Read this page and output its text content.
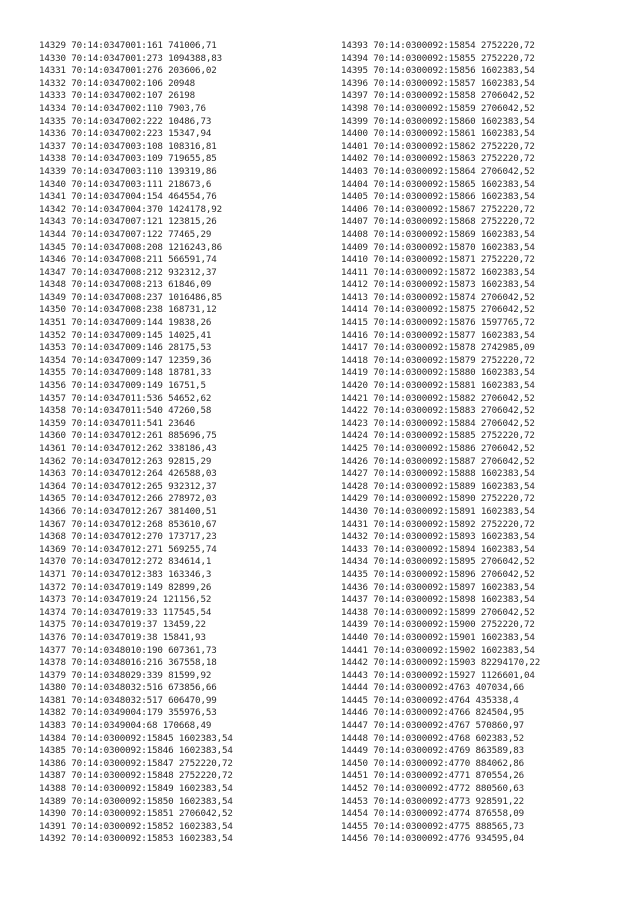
14329 70:14:0347001:161 741006,71
14330 70:14:0347001:273 1094388,83
14331 70:14:0347001:276 203606,02
14332 70:14:0347002:106 20948
14333 70:14:0347002:107 26198
14334 70:14:0347002:110 7903,76
14335 70:14:0347002:222 10486,73
14336 70:14:0347002:223 15347,94
14337 70:14:0347003:108 108316,81
14338 70:14:0347003:109 719655,85
14339 70:14:0347003:110 139319,86
14340 70:14:0347003:111 218673,6
14341 70:14:0347004:154 464554,76
14342 70:14:0347004:370 1424178,92
14343 70:14:0347007:121 123815,26
14344 70:14:0347007:122 77465,29
14345 70:14:0347008:208 1216243,86
14346 70:14:0347008:211 566591,74
14347 70:14:0347008:212 932312,37
14348 70:14:0347008:213 61846,09
14349 70:14:0347008:237 1016486,85
14350 70:14:0347008:238 168731,12
14351 70:14:0347009:144 19838,26
14352 70:14:0347009:145 14025,41
14353 70:14:0347009:146 28175,53
14354 70:14:0347009:147 12359,36
14355 70:14:0347009:148 18781,33
14356 70:14:0347009:149 16751,5
14357 70:14:0347011:536 54652,62
14358 70:14:0347011:540 47260,58
14359 70:14:0347011:541 23646
14360 70:14:0347012:261 885696,75
14361 70:14:0347012:262 338186,43
14362 70:14:0347012:263 92815,29
14363 70:14:0347012:264 426588,03
14364 70:14:0347012:265 932312,37
14365 70:14:0347012:266 278972,03
14366 70:14:0347012:267 381400,51
14367 70:14:0347012:268 853610,67
14368 70:14:0347012:270 173717,23
14369 70:14:0347012:271 569255,74
14370 70:14:0347012:272 834614,1
14371 70:14:0347012:383 163346,3
14372 70:14:0347019:149 82899,26
14373 70:14:0347019:24 121156,52
14374 70:14:0347019:33 117545,54
14375 70:14:0347019:37 13459,22
14376 70:14:0347019:38 15841,93
14377 70:14:0348010:190 607361,73
14378 70:14:0348016:216 367558,18
14379 70:14:0348029:339 81599,92
14380 70:14:0348032:516 673856,66
14381 70:14:0348032:517 606470,99
14382 70:14:0349004:179 355976,53
14383 70:14:0349004:68 170668,49
14384 70:14:0300092:15845 1602383,54
14385 70:14:0300092:15846 1602383,54
14386 70:14:0300092:15847 2752220,72
14387 70:14:0300092:15848 2752220,72
14388 70:14:0300092:15849 1602383,54
14389 70:14:0300092:15850 1602383,54
14390 70:14:0300092:15851 2706042,52
14391 70:14:0300092:15852 1602383,54
14392 70:14:0300092:15853 1602383,54
14393 70:14:0300092:15854 2752220,72
14394 70:14:0300092:15855 2752220,72
14395 70:14:0300092:15856 1602383,54
14396 70:14:0300092:15857 1602383,54
14397 70:14:0300092:15858 2706042,52
14398 70:14:0300092:15859 2706042,52
14399 70:14:0300092:15860 1602383,54
14400 70:14:0300092:15861 1602383,54
14401 70:14:0300092:15862 2752220,72
14402 70:14:0300092:15863 2752220,72
14403 70:14:0300092:15864 2706042,52
14404 70:14:0300092:15865 1602383,54
14405 70:14:0300092:15866 1602383,54
14406 70:14:0300092:15867 2752220,72
14407 70:14:0300092:15868 2752220,72
14408 70:14:0300092:15869 1602383,54
14409 70:14:0300092:15870 1602383,54
14410 70:14:0300092:15871 2752220,72
14411 70:14:0300092:15872 1602383,54
14412 70:14:0300092:15873 1602383,54
14413 70:14:0300092:15874 2706042,52
14414 70:14:0300092:15875 2706042,52
14415 70:14:0300092:15876 1597765,72
14416 70:14:0300092:15877 1602383,54
14417 70:14:0300092:15878 2742985,09
14418 70:14:0300092:15879 2752220,72
14419 70:14:0300092:15880 1602383,54
14420 70:14:0300092:15881 1602383,54
14421 70:14:0300092:15882 2706042,52
14422 70:14:0300092:15883 2706042,52
14423 70:14:0300092:15884 2706042,52
14424 70:14:0300092:15885 2752220,72
14425 70:14:0300092:15886 2706042,52
14426 70:14:0300092:15887 2706042,52
14427 70:14:0300092:15888 1602383,54
14428 70:14:0300092:15889 1602383,54
14429 70:14:0300092:15890 2752220,72
14430 70:14:0300092:15891 1602383,54
14431 70:14:0300092:15892 2752220,72
14432 70:14:0300092:15893 1602383,54
14433 70:14:0300092:15894 1602383,54
14434 70:14:0300092:15895 2706042,52
14435 70:14:0300092:15896 2706042,52
14436 70:14:0300092:15897 1602383,54
14437 70:14:0300092:15898 1602383,54
14438 70:14:0300092:15899 2706042,52
14439 70:14:0300092:15900 2752220,72
14440 70:14:0300092:15901 1602383,54
14441 70:14:0300092:15902 1602383,54
14442 70:14:0300092:15903 82294170,22
14443 70:14:0300092:15927 1126601,04
14444 70:14:0300092:4763 407034,66
14445 70:14:0300092:4764 435338,4
14446 70:14:0300092:4766 824504,95
14447 70:14:0300092:4767 570860,97
14448 70:14:0300092:4768 602383,52
14449 70:14:0300092:4769 863589,83
14450 70:14:0300092:4770 884062,86
14451 70:14:0300092:4771 870554,26
14452 70:14:0300092:4772 880560,63
14453 70:14:0300092:4773 928591,22
14454 70:14:0300092:4774 876558,09
14455 70:14:0300092:4775 888565,73
14456 70:14:0300092:4776 934595,04
